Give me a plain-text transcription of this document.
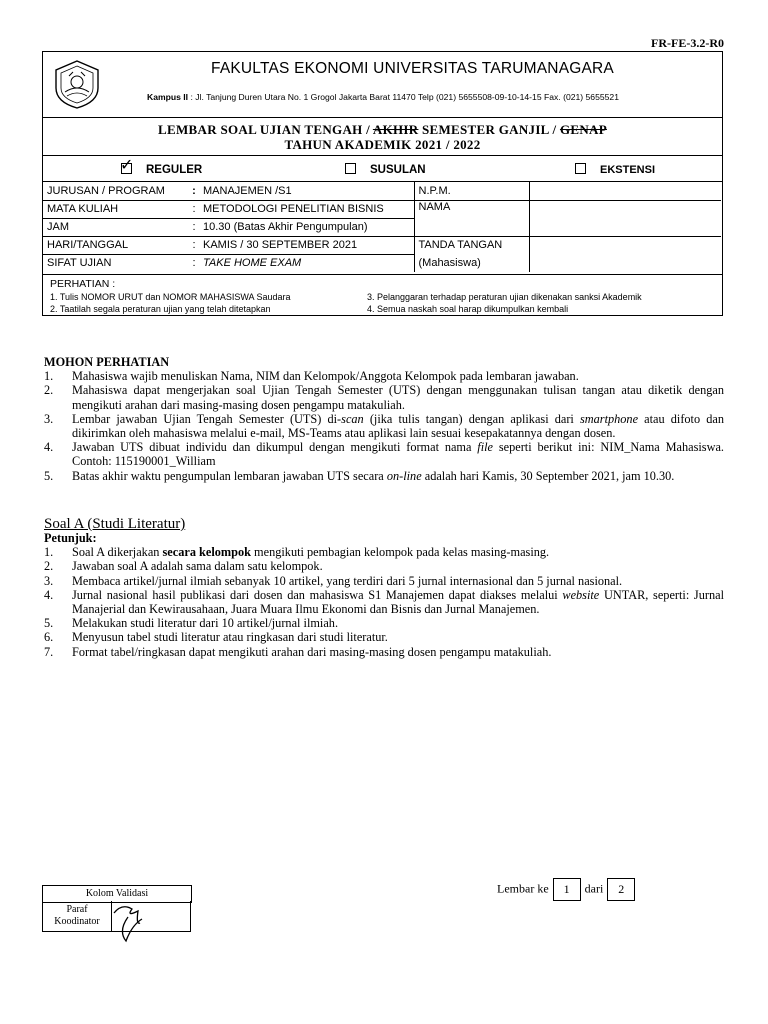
FR-FE-3.2-R0
FAKULTAS EKONOMI UNIVERSITAS TARUMANAGARA
Kampus II : Jl. Tanjung Duren Utara No. 1 Grogol Jakarta Barat 11470 Telp (021) 5655508-09-10-14-15 Fax. (021) 5655521
LEMBAR SOAL UJIAN TENGAH / AKHIR SEMESTER GANJIL / GENAP
TAHUN AKADEMIK 2021 / 2022
✓ REGULER	SUSULAN	EKSTENSI
JURUSAN / PROGRAM	:	MANAJEMEN /S1	N.P.M.	
MATA KULIAH	:	METODOLOGI PENELITIAN BISNIS	NAMA	
JAM	:	10.30 (Batas Akhir Pengumpulan)		
HARI/TANGGAL	:	KAMIS / 30 SEPTEMBER 2021	TANDA TANGAN	
SIFAT UJIAN	:	TAKE HOME EXAM	(Mahasiswa)	
PERHATIAN :
1. Tulis NOMOR URUT dan NOMOR MAHASISWA Saudara	3. Pelanggaran terhadap peraturan ujian dikenakan sanksi Akademik
2. Taatilah segala peraturan ujian yang telah ditetapkan	4. Semua naskah soal harap dikumpulkan kembali
MOHON PERHATIAN
1. Mahasiswa wajib menuliskan Nama, NIM dan Kelompok/Anggota Kelompok pada lembaran jawaban.
2. Mahasiswa dapat mengerjakan soal Ujian Tengah Semester (UTS) dengan menggunakan tulisan tangan atau diketik dengan mengikuti arahan dari masing-masing dosen pengampu matakuliah.
3. Lembar jawaban Ujian Tengah Semester (UTS) di-scan (jika tulis tangan) dengan aplikasi dari smartphone atau difoto dan dikirimkan oleh mahasiswa melalui e-mail, MS-Teams atau aplikasi lain sesuai kesepakatannya dengan dosen.
4. Jawaban UTS dibuat individu dan dikumpul dengan mengikuti format nama file seperti berikut ini: NIM_Nama Mahasiswa. Contoh: 115190001_William
5. Batas akhir waktu pengumpulan lembaran jawaban UTS secara on-line adalah hari Kamis, 30 September 2021, jam 10.30.
Soal A (Studi Literatur)
Petunjuk:
1. Soal A dikerjakan secara kelompok mengikuti pembagian kelompok pada kelas masing-masing.
2. Jawaban soal A adalah sama dalam satu kelompok.
3. Membaca artikel/jurnal ilmiah sebanyak 10 artikel, yang terdiri dari 5 jurnal internasional dan 5 jurnal nasional.
4. Jurnal nasional hasil publikasi dari dosen dan mahasiswa S1 Manajemen dapat diakses melalui website UNTAR, seperti: Jurnal Manajerial dan Kewirausahaan, Juara Muara Ilmu Ekonomi dan Bisnis dan Jurnal Manajemen.
5. Melakukan studi literatur dari 10 artikel/jurnal ilmiah.
6. Menyusun tabel studi literatur atau ringkasan dari studi literatur.
7. Format tabel/ringkasan dapat mengikuti arahan dari masing-masing dosen pengampu matakuliah.
Kolom Validasi
Paraf
Koodinator
Lembar ke 1 dari 2
